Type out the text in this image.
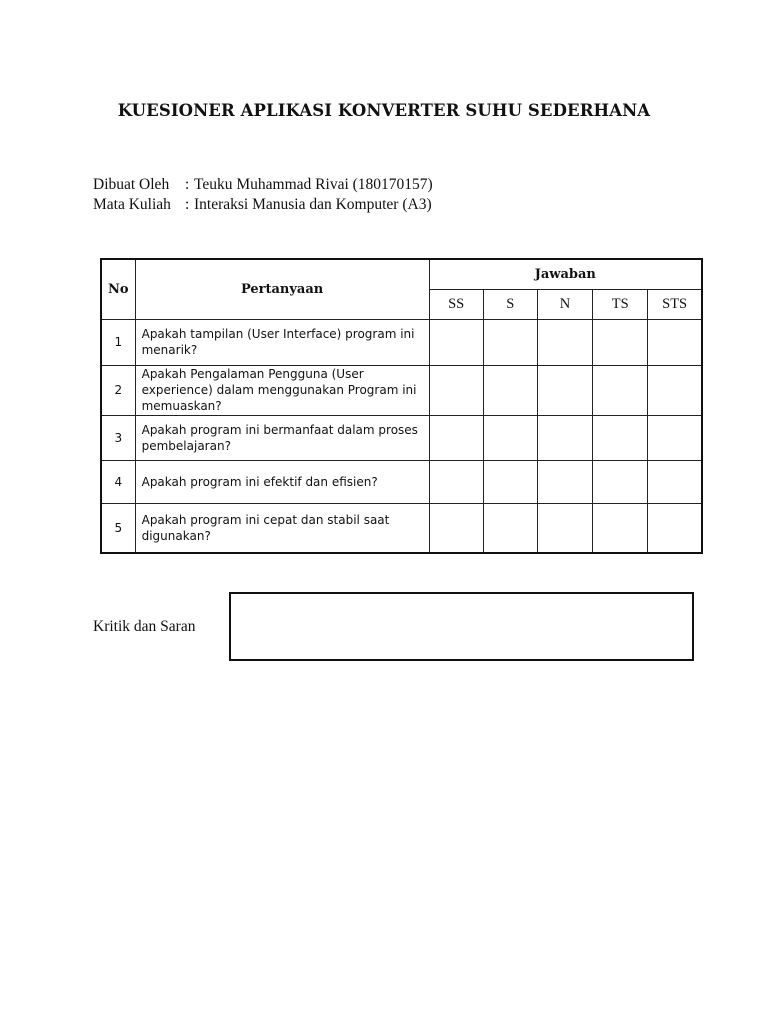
KUESIONER APLIKASI KONVERTER SUHU SEDERHANA
Dibuat Oleh	: Teuku Muhammad Rivai (180170157)
Mata Kuliah : Interaksi Manusia dan Komputer (A3)
No	Pertanyaan	Jawaban				
		SS	S	N	TS	STS
1	Apakah tampilan (User Interface) program ini
menarik?					

2	Apakah Pengalaman Pengguna (User
experience) dalam menggunakan Program ini
memuaskan?					

3	Apakah program ini bermanfaat dalam proses
pembelajaran?					

4	Apakah program ini efektif dan efisien?					

5	Apakah program ini cepat dan stabil saat
digunakan?					

Kritik dan Saran
